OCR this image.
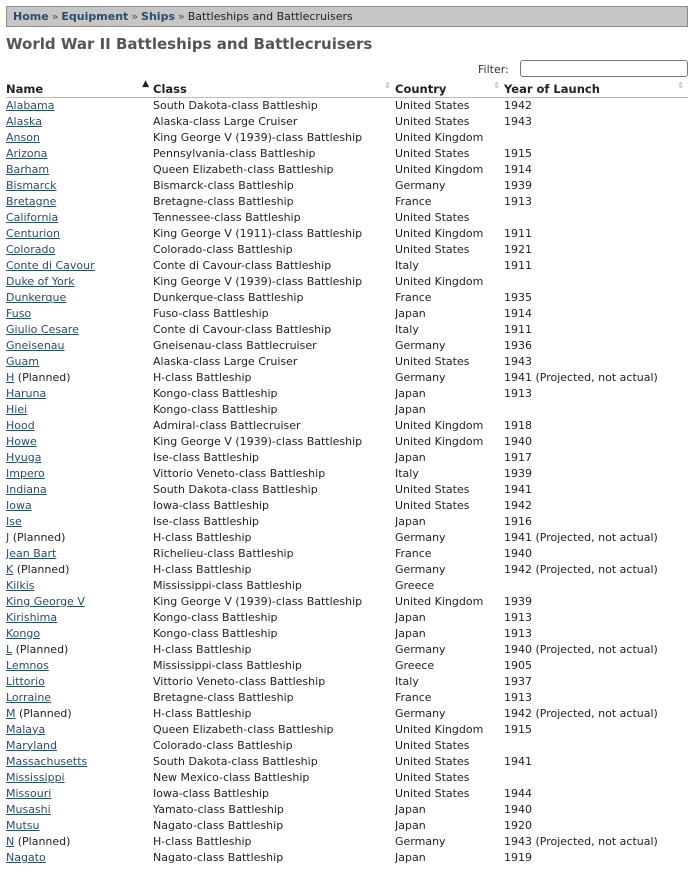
Home » Equipment » Ships » Battleships and Battlecruisers
World War II Battleships and Battlecruisers
Filter:
Name ▲	Class ⇕	Country ⇕	Year of Launch ⇕

Alabama	South Dakota-class Battleship	United States	1942
Alaska	Alaska-class Large Cruiser	United States	1943
Anson	King George V (1939)-class Battleship	United Kingdom	
Arizona	Pennsylvania-class Battleship	United States	1915
Barham	Queen Elizabeth-class Battleship	United Kingdom	1914
Bismarck	Bismarck-class Battleship	Germany	1939
Bretagne	Bretagne-class Battleship	France	1913
California	Tennessee-class Battleship	United States	
Centurion	King George V (1911)-class Battleship	United Kingdom	1911
Colorado	Colorado-class Battleship	United States	1921
Conte di Cavour	Conte di Cavour-class Battleship	Italy	1911
Duke of York	King George V (1939)-class Battleship	United Kingdom	
Dunkerque	Dunkerque-class Battleship	France	1935
Fuso	Fuso-class Battleship	Japan	1914
Giulio Cesare	Conte di Cavour-class Battleship	Italy	1911
Gneisenau	Gneisenau-class Battlecruiser	Germany	1936
Guam	Alaska-class Large Cruiser	United States	1943
H (Planned)	H-class Battleship	Germany	1941 (Projected, not actual)
Haruna	Kongo-class Battleship	Japan	1913
Hiei	Kongo-class Battleship	Japan	
Hood	Admiral-class Battlecruiser	United Kingdom	1918
Howe	King George V (1939)-class Battleship	United Kingdom	1940
Hyuga	Ise-class Battleship	Japan	1917
Impero	Vittorio Veneto-class Battleship	Italy	1939
Indiana	South Dakota-class Battleship	United States	1941
Iowa	Iowa-class Battleship	United States	1942
Ise	Ise-class Battleship	Japan	1916
J (Planned)	H-class Battleship	Germany	1941 (Projected, not actual)
Jean Bart	Richelieu-class Battleship	France	1940
K (Planned)	H-class Battleship	Germany	1942 (Projected, not actual)
Kilkis	Mississippi-class Battleship	Greece	
King George V	King George V (1939)-class Battleship	United Kingdom	1939
Kirishima	Kongo-class Battleship	Japan	1913
Kongo	Kongo-class Battleship	Japan	1913
L (Planned)	H-class Battleship	Germany	1940 (Projected, not actual)
Lemnos	Mississippi-class Battleship	Greece	1905
Littorio	Vittorio Veneto-class Battleship	Italy	1937
Lorraine	Bretagne-class Battleship	France	1913
M (Planned)	H-class Battleship	Germany	1942 (Projected, not actual)
Malaya	Queen Elizabeth-class Battleship	United Kingdom	1915
Maryland	Colorado-class Battleship	United States	
Massachusetts	South Dakota-class Battleship	United States	1941
Mississippi	New Mexico-class Battleship	United States	
Missouri	Iowa-class Battleship	United States	1944
Musashi	Yamato-class Battleship	Japan	1940
Mutsu	Nagato-class Battleship	Japan	1920
N (Planned)	H-class Battleship	Germany	1943 (Projected, not actual)
Nagato	Nagato-class Battleship	Japan	1919
